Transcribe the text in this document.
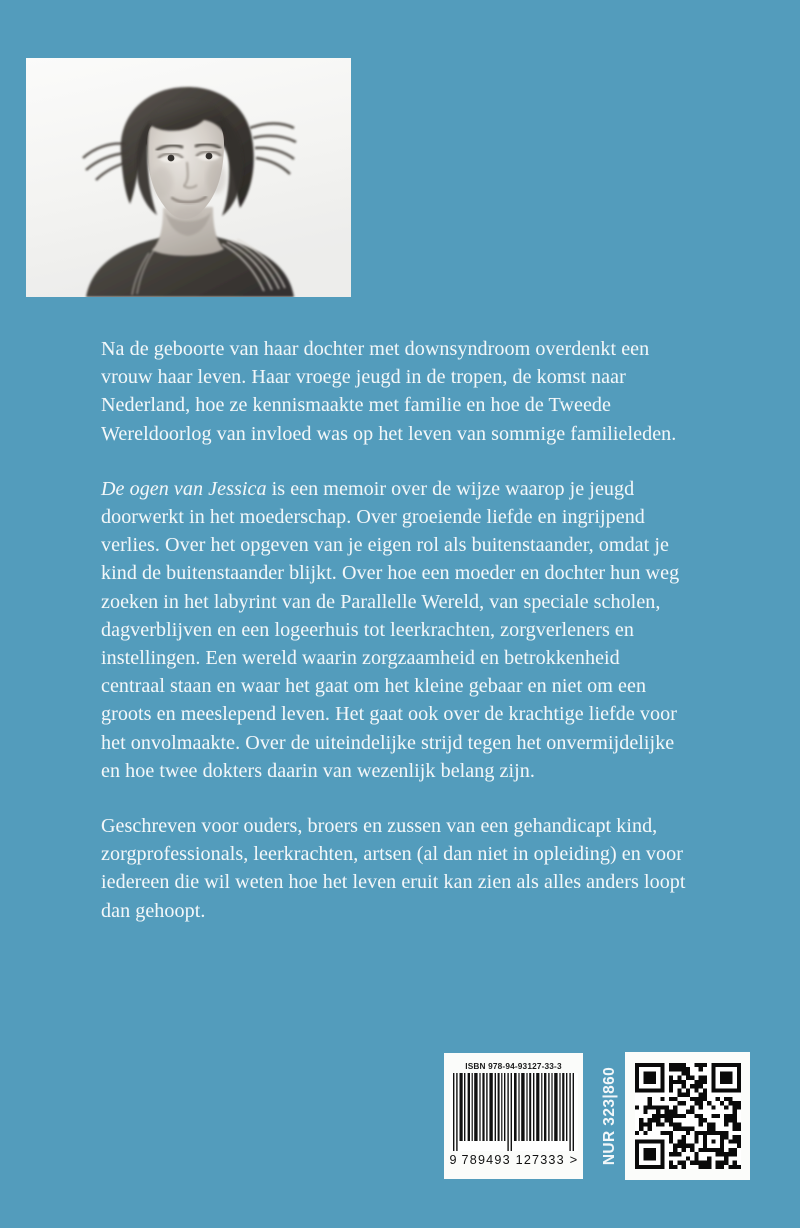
Na de geboorte van haar dochter met downsyndroom overdenkt een vrouw haar leven. Haar vroege jeugd in de tropen, de komst naar Nederland, hoe ze kennismaakte met familie en hoe de Tweede Wereldoorlog van invloed was op het leven van sommige familieleden.

De ogen van Jessica is een memoir over de wijze waarop je jeugd doorwerkt in het moederschap. Over groeiende liefde en ingrijpend verlies. Over het opgeven van je eigen rol als buitenstaander, omdat je kind de buitenstaander blijkt. Over hoe een moeder en dochter hun weg zoeken in het labyrint van de Parallelle Wereld, van speciale scholen, dagverblijven en een logeerhuis tot leerkrachten, zorgverleners en instellingen. Een wereld waarin zorgzaamheid en betrokkenheid centraal staan en waar het gaat om het kleine gebaar en niet om een groots en meeslepend leven. Het gaat ook over de krachtige liefde voor het onvolmaakte. Over de uiteindelijke strijd tegen het onvermijdelijke en hoe twee dokters daarin van wezenlijk belang zijn.

Geschreven voor ouders, broers en zussen van een gehandicapt kind, zorgprofessionals, leerkrachten, artsen (al dan niet in opleiding) en voor iedereen die wil weten hoe het leven eruit kan zien als alles anders loopt dan gehoopt.

ISBN 978-94-93127-33-3
9 789493 127333 > NUR 323|860
